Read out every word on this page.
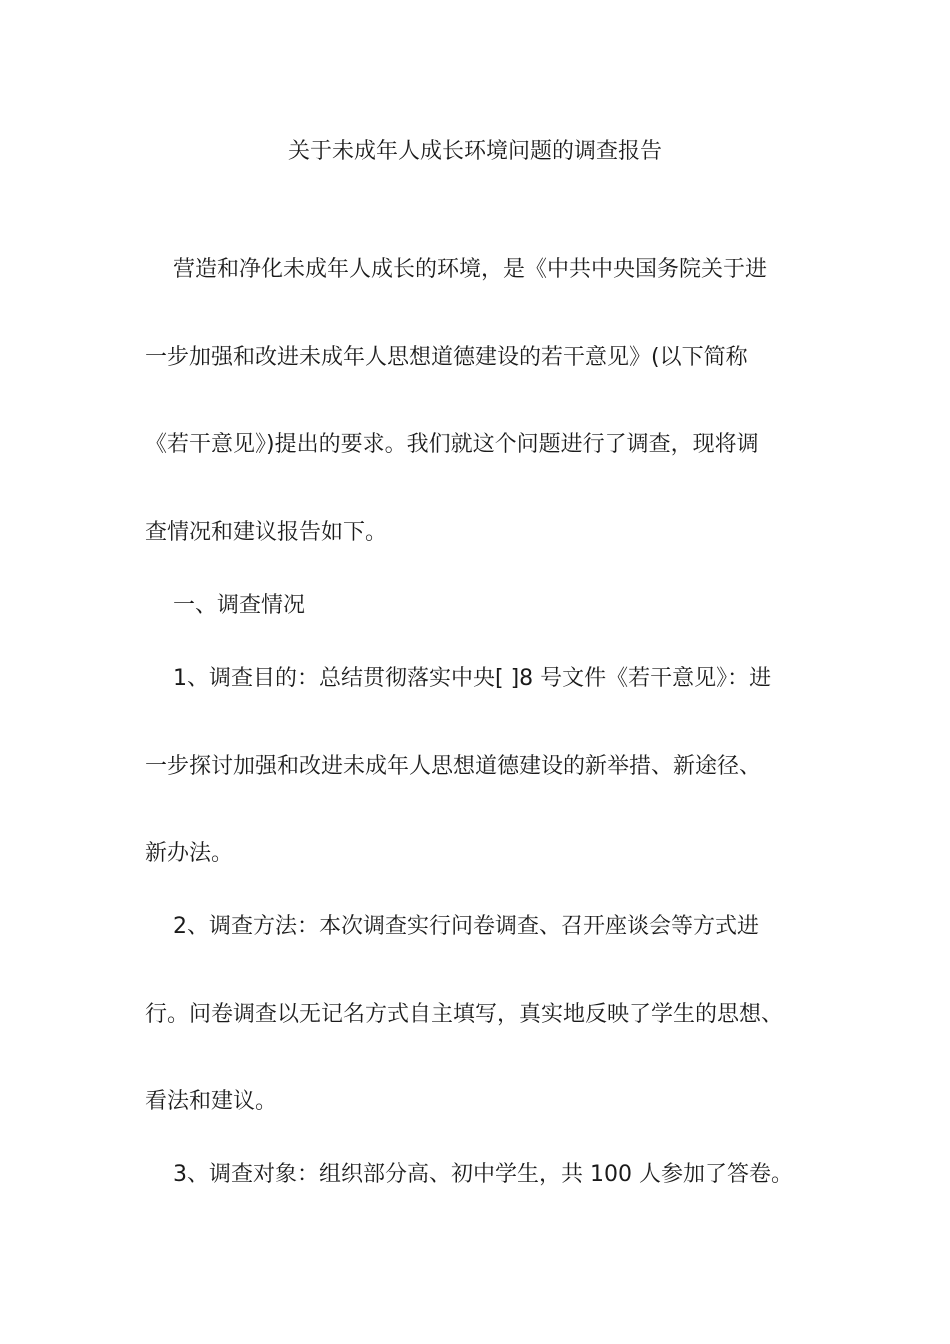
关于未成年人成长环境问题的调查报告
营造和净化未成年人成长的环境，是《中共中央国务院关于进
一步加强和改进未成年人思想道德建设的若干意见》(以下简称
《若干意见》)提出的要求。我们就这个问题进行了调查，现将调
查情况和建议报告如下。
一、调查情况
1、调查目的：总结贯彻落实中央[ ]8 号文件《若干意见》：进
一步探讨加强和改进未成年人思想道德建设的新举措、新途径、
新办法。
2、调查方法：本次调查实行问卷调查、召开座谈会等方式进
行。问卷调查以无记名方式自主填写，真实地反映了学生的思想、
看法和建议。
3、调查对象：组织部分高、初中学生，共 100 人参加了答卷。
